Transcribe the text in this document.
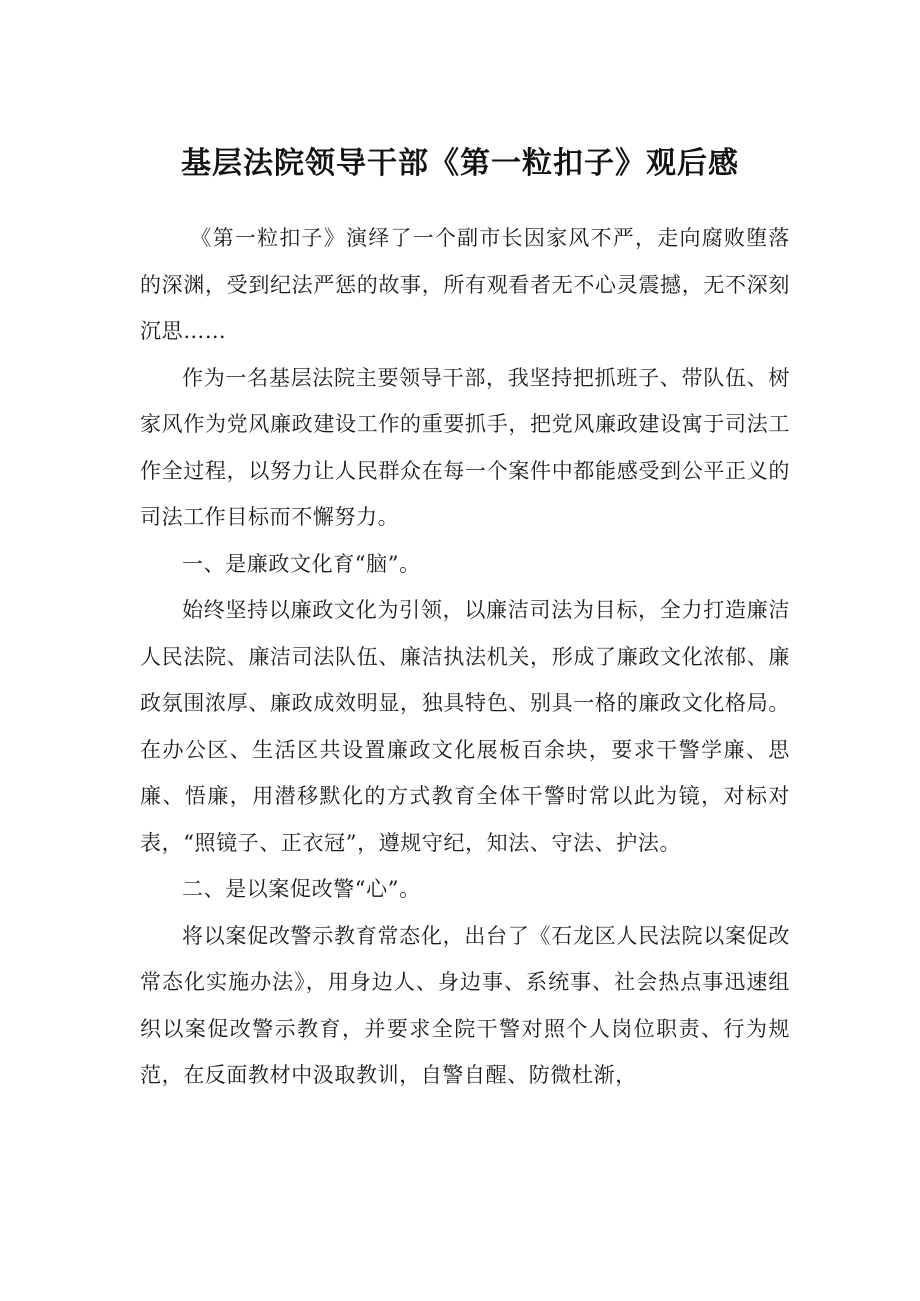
基层法院领导干部《第一粒扣子》观后感

《第一粒扣子》演绎了一个副市长因家风不严，走向腐败堕落的深渊，受到纪法严惩的故事，所有观看者无不心灵震撼，无不深刻沉思……

作为一名基层法院主要领导干部，我坚持把抓班子、带队伍、树家风作为党风廉政建设工作的重要抓手，把党风廉政建设寓于司法工作全过程，以努力让人民群众在每一个案件中都能感受到公平正义的司法工作目标而不懈努力。

一、是廉政文化育“脑”。

始终坚持以廉政文化为引领，以廉洁司法为目标，全力打造廉洁人民法院、廉洁司法队伍、廉洁执法机关，形成了廉政文化浓郁、廉政氛围浓厚、廉政成效明显，独具特色、别具一格的廉政文化格局。在办公区、生活区共设置廉政文化展板百余块，要求干警学廉、思廉、悟廉，用潜移默化的方式教育全体干警时常以此为镜，对标对表，“照镜子、正衣冠”，遵规守纪，知法、守法、护法。

二、是以案促改警“心”。

将以案促改警示教育常态化，出台了《石龙区人民法院以案促改常态化实施办法》，用身边人、身边事、系统事、社会热点事迅速组织以案促改警示教育，并要求全院干警对照个人岗位职责、行为规范，在反面教材中汲取教训，自警自醒、防微杜渐，
